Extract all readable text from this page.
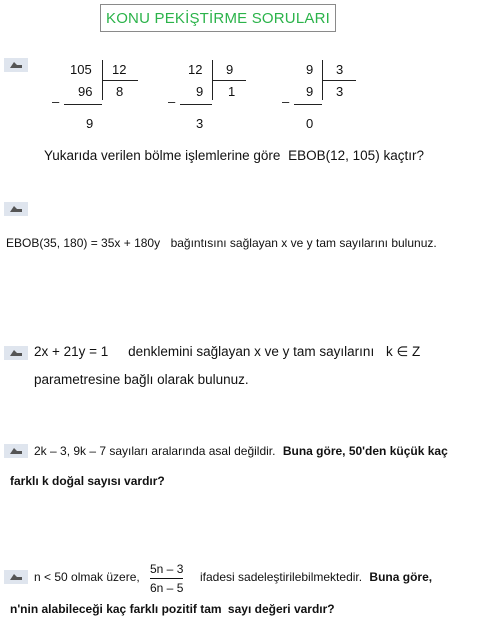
KONU PEKİŞTİRME SORULARI
105 12
96 8
–
9
12 9
9 1
–
3
9 3
9 3
–
0
Yukarıda verilen bölme işlemlerine göre EBOB(12, 105) kaçtır?
EBOB(35, 180) = 35x + 180y bağıntısını sağlayan x ve y tam sayılarını bulunuz.
2x + 21y = 1 denklemini sağlayan x ve y tam sayılarını k ∈ Z
parametresine bağlı olarak bulunuz.
2k – 3, 9k – 7 sayıları aralarında asal değildir. Buna göre, 50'den küçük kaç
farklı k doğal sayısı vardır?
n < 50 olmak üzere,
5n – 3
6n – 5
ifadesi sadeleştirilebilmektedir. Buna göre,
n'nin alabileceği kaç farklı pozitif tam sayı değeri vardır?
